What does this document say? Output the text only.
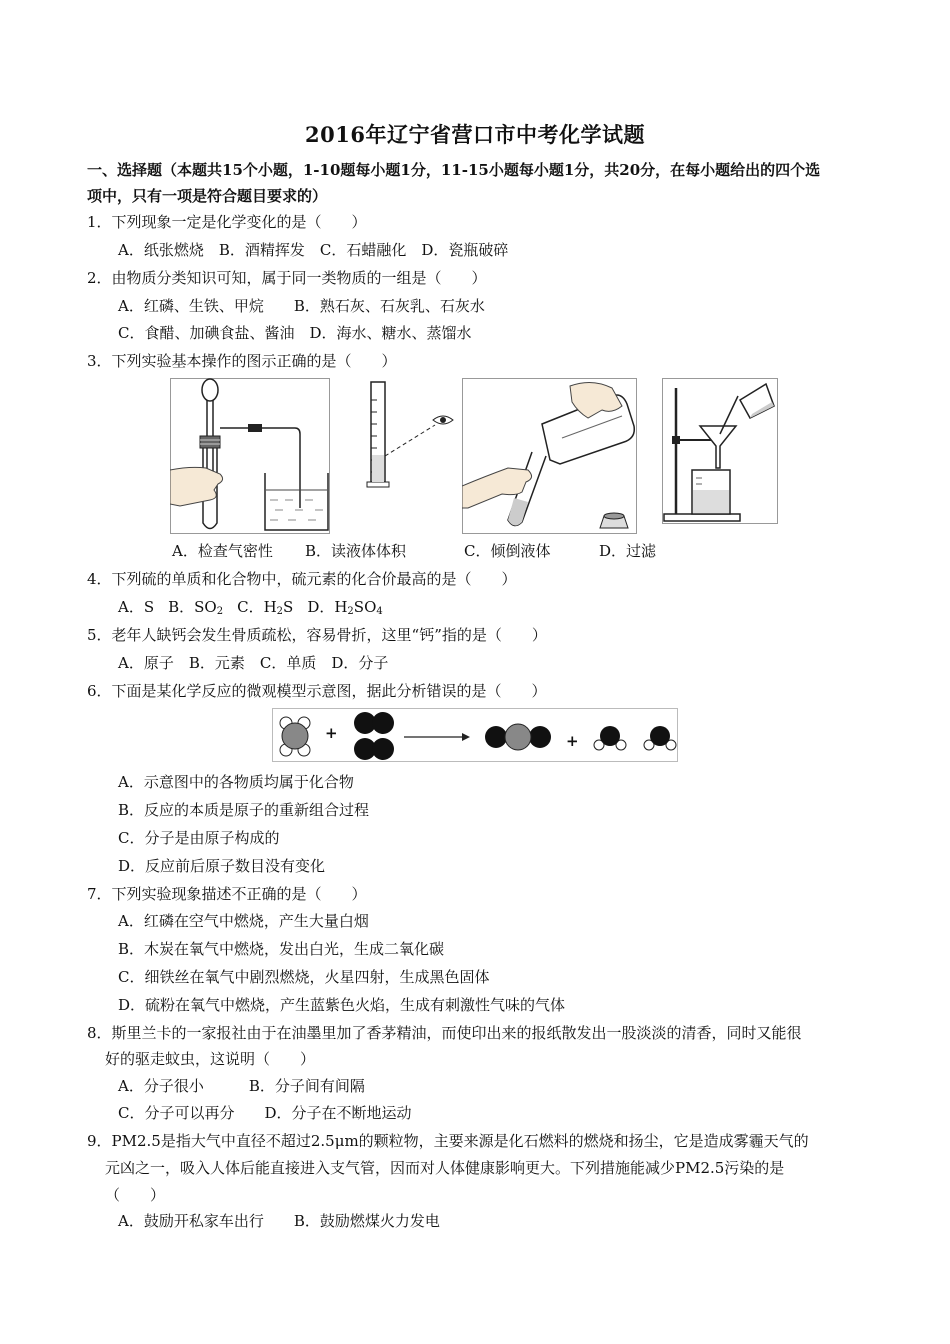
2016年辽宁省营口市中考化学试题
一、选择题（本题共15个小题，1-10题每小题1分，11-15小题每小题1分，共20分，在每小题给出的四个选
项中，只有一项是符合题目要求的）
1．下列现象一定是化学变化的是（　　）
A．纸张燃烧　B．酒精挥发　C．石蜡融化　D．瓷瓶破碎
2．由物质分类知识可知，属于同一类物质的一组是（　　）
A．红磷、生铁、甲烷　　B．熟石灰、石灰乳、石灰水
C．食醋、加碘食盐、酱油　D．海水、糖水、蒸馏水
3．下列实验基本操作的图示正确的是（　　）
A．检查气密性 B．读液体体积	C．倾倒液体	D．过滤
4．下列硫的单质和化合物中，硫元素的化合价最高的是（　　）
A．S B．$SO_2$ C．$H_2S$ D．$H_2SO_4$
5．老年人缺钙会发生骨质疏松，容易骨折，这里“钙”指的是（　　）
A．原子　B．元素　C．单质　D．分子
6．下面是某化学反应的微观模型示意图，据此分析错误的是（　　）
+	+
A．示意图中的各物质均属于化合物
B．反应的本质是原子的重新组合过程
C．分子是由原子构成的
D．反应前后原子数目没有变化
7．下列实验现象描述不正确的是（　　）
A．红磷在空气中燃烧，产生大量白烟
B．木炭在氧气中燃烧，发出白光，生成二氧化碳
C．细铁丝在氧气中剧烈燃烧，火星四射，生成黑色固体
D．硫粉在氧气中燃烧，产生蓝紫色火焰，生成有刺激性气味的气体
8．斯里兰卡的一家报社由于在油墨里加了香茅精油，而使印出来的报纸散发出一股淡淡的清香，同时又能很
好的驱走蚊虫，这说明（　　）
A．分子很小　　　B．分子间有间隔
C．分子可以再分　　D．分子在不断地运动
9．PM2.5是指大气中直径不超过2.5μm的颗粒物，主要来源是化石燃料的燃烧和扬尘，它是造成雾霾天气的
元凶之一，吸入人体后能直接进入支气管，因而对人体健康影响更大。下列措施能减少PM2.5污染的是
（　　）
A．鼓励开私家车出行　　B．鼓励燃煤火力发电
